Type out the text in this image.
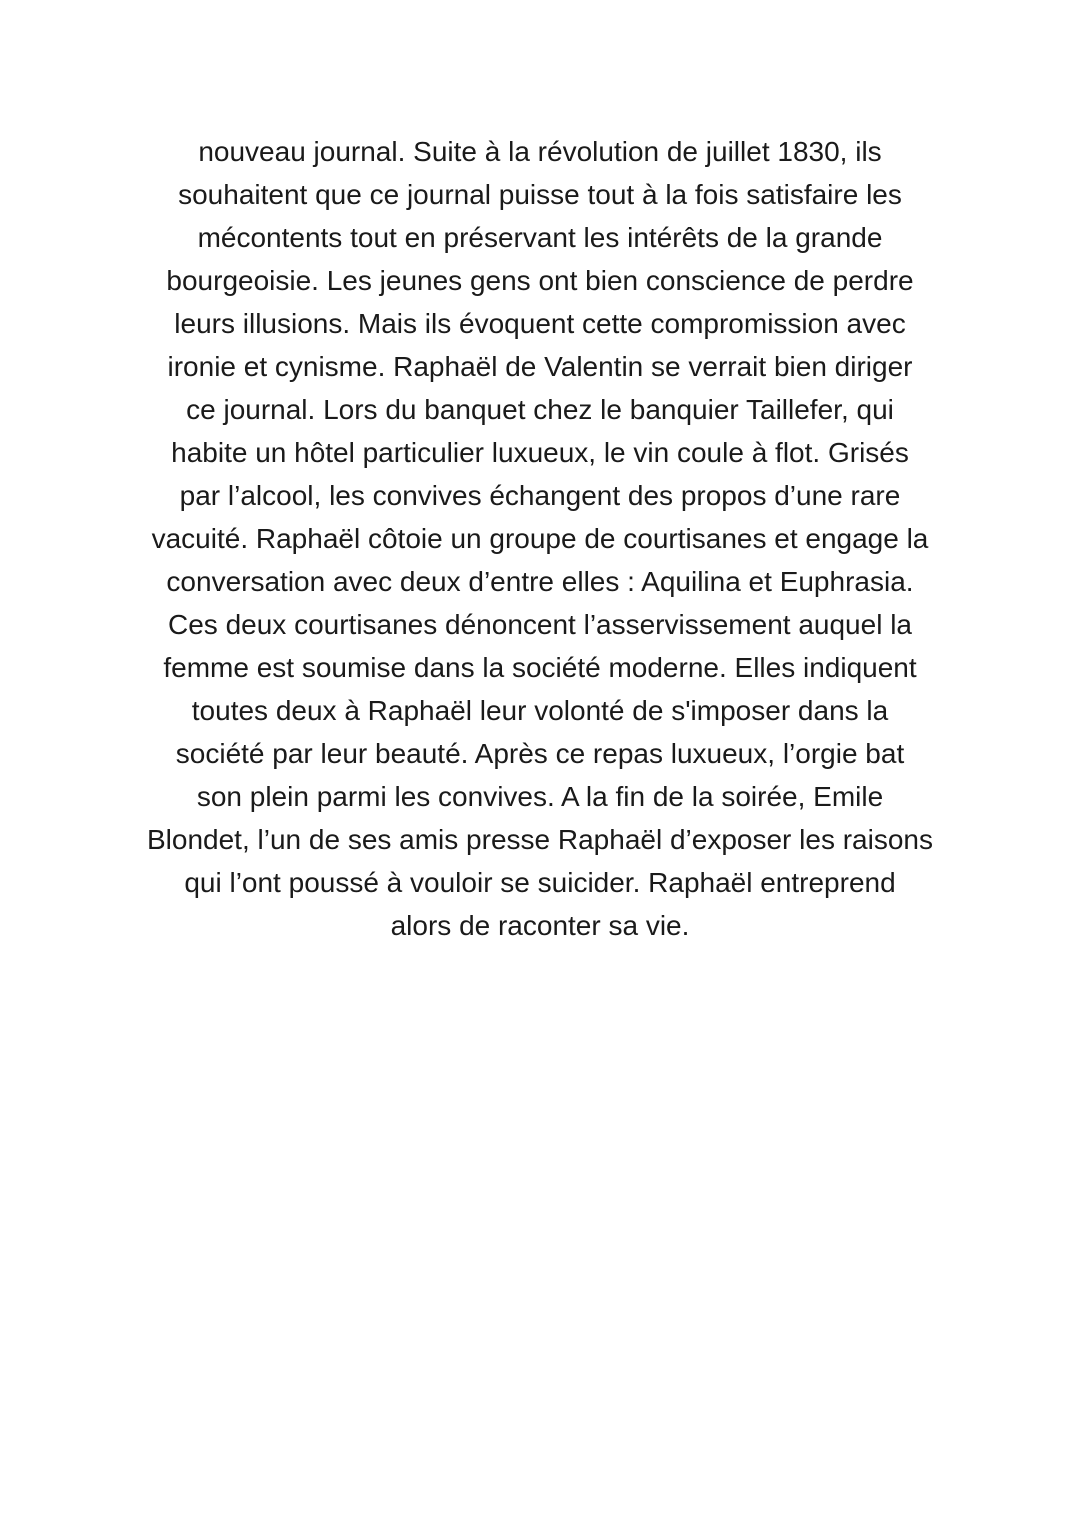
nouveau journal. Suite à la révolution de juillet 1830, ils
souhaitent que ce journal puisse tout à la fois satisfaire les
mécontents tout en préservant les intérêts de la grande
bourgeoisie. Les jeunes gens ont bien conscience de perdre
leurs illusions. Mais ils évoquent cette compromission avec
ironie et cynisme. Raphaël de Valentin se verrait bien diriger
ce journal. Lors du banquet chez le banquier Taillefer, qui
habite un hôtel particulier luxueux, le vin coule à flot. Grisés
par l’alcool, les convives échangent des propos d’une rare
vacuité. Raphaël côtoie un groupe de courtisanes et engage la
conversation avec deux d’entre elles : Aquilina et Euphrasia.
Ces deux courtisanes dénoncent l’asservissement auquel la
femme est soumise dans la société moderne. Elles indiquent
toutes deux à Raphaël leur volonté de s'imposer dans la
société par leur beauté. Après ce repas luxueux, l’orgie bat
son plein parmi les convives. A la fin de la soirée, Emile
Blondet, l’un de ses amis presse Raphaël d’exposer les raisons
qui l’ont poussé à vouloir se suicider. Raphaël entreprend
alors de raconter sa vie.
